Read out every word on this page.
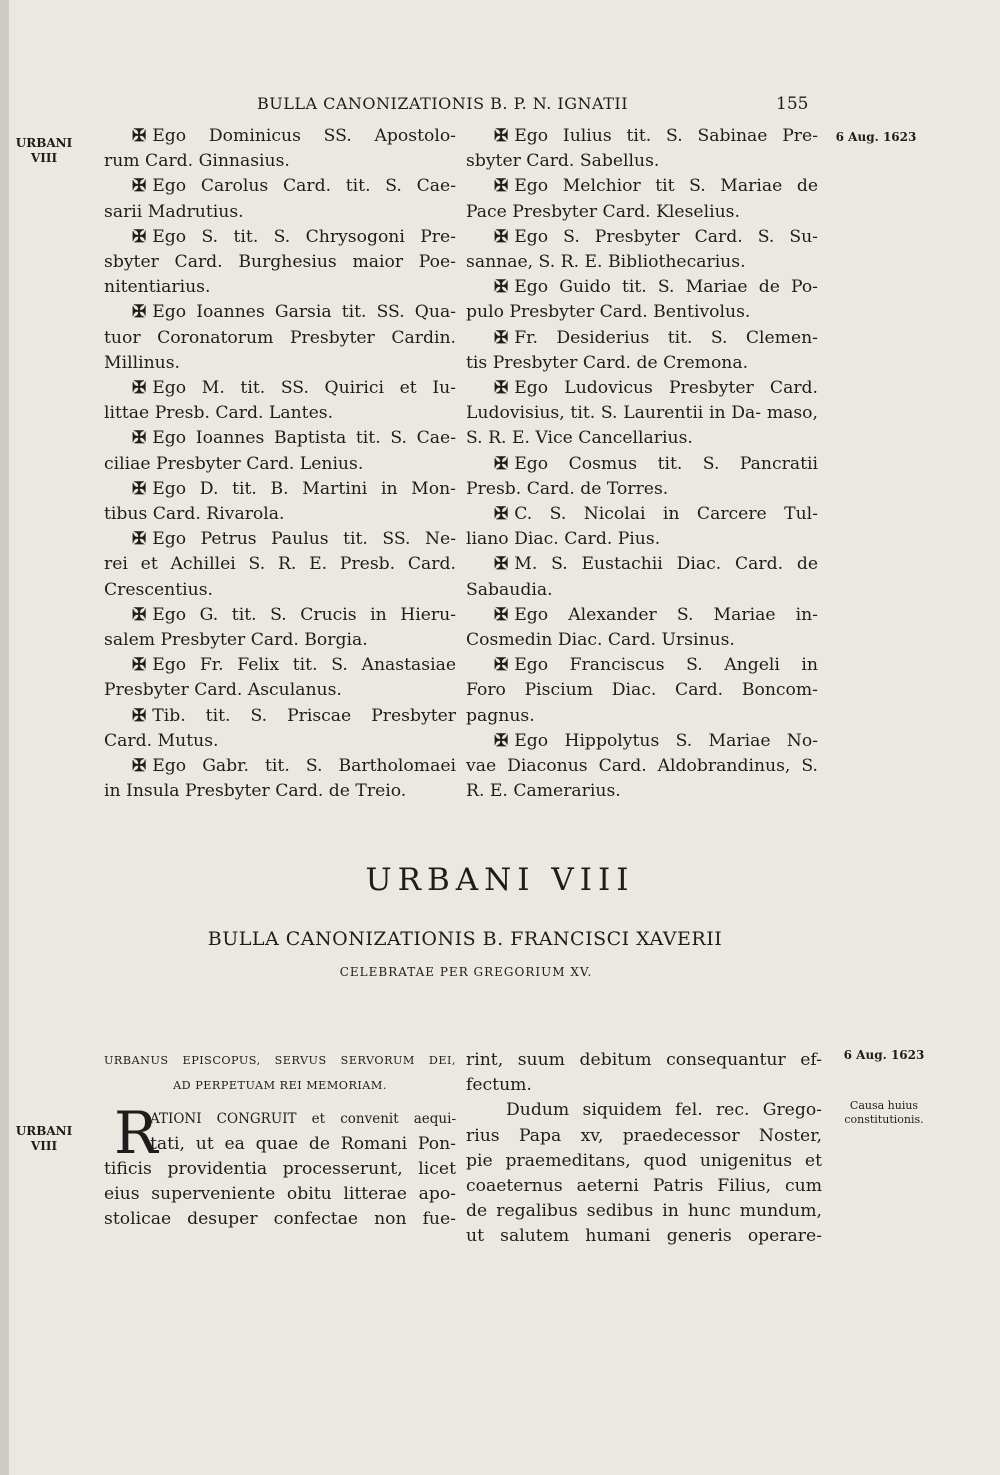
BULLA CANONIZATIONIS B. P. N. IGNATII	155
URBANI
VIII
6 Aug. 1623
✠ Ego Dominicus SS. Apostolo-
rum Card. Ginnasius.
✠ Ego Carolus Card. tit. S. Cae-
sarii Madrutius.
✠ Ego S. tit. S. Chrysogoni Pre-
sbyter Card. Burghesius maior Poe- nitentiarius.
✠ Ego Ioannes Garsia tit. SS. Qua-
tuor Coronatorum Presbyter Cardin. Millinus.
✠ Ego M. tit. SS. Quirici et Iu-
littae Presb. Card. Lantes.
✠ Ego Ioannes Baptista tit. S. Cae-
ciliae Presbyter Card. Lenius.
✠ Ego D. tit. B. Martini in Mon-
tibus Card. Rivarola.
✠ Ego Petrus Paulus tit. SS. Ne-
rei et Achillei S. R. E. Presb. Card. Crescentius.
✠ Ego G. tit. S. Crucis in Hieru-
salem Presbyter Card. Borgia.
✠ Ego Fr. Felix tit. S. Anastasiae
Presbyter Card. Asculanus.
✠ Tib. tit. S. Priscae Presbyter
Card. Mutus.
✠ Ego Gabr. tit. S. Bartholomaei
in Insula Presbyter Card. de Treio.
✠ Ego Iulius tit. S. Sabinae Pre-
sbyter Card. Sabellus.
✠ Ego Melchior tit S. Mariae de
Pace Presbyter Card. Kleselius.
✠ Ego S. Presbyter Card. S. Su-
sannae, S. R. E. Bibliothecarius.
✠ Ego Guido tit. S. Mariae de Po-
pulo Presbyter Card. Bentivolus.
✠ Fr. Desiderius tit. S. Clemen-
tis Presbyter Card. de Cremona.
✠ Ego Ludovicus Presbyter Card.
Ludovisius, tit. S. Laurentii in Da- maso, S. R. E. Vice Cancellarius.
✠ Ego Cosmus tit. S. Pancratii
Presb. Card. de Torres.
✠ C. S. Nicolai in Carcere Tul-
liano Diac. Card. Pius.
✠ M. S. Eustachii Diac. Card. de
Sabaudia.
✠ Ego Alexander S. Mariae in-
Cosmedin Diac. Card. Ursinus.
✠ Ego Franciscus S. Angeli in
Foro Piscium Diac. Card. Boncom- pagnus.
✠ Ego Hippolytus S. Mariae No-
vae Diaconus Card. Aldobrandinus, S. R. E. Camerarius.
URBANI VIII
BULLA CANONIZATIONIS B. FRANCISCI XAVERII
CELEBRATAE PER GREGORIUM XV.
URBANI
VIII
6 Aug. 1623
Causa huius
constitutionis.
URBANUS EPISCOPUS, SERVUS SERVORUM DEI,
AD PERPETUAM REI MEMORIAM.
R
ATIONI CONGRUIT et convenit aequi-
tati, ut ea quae de Romani Pon-
tificis providentia processerunt, licet
eius superveniente obitu litterae apo-
stolicae desuper confectae non fue-
rint, suum debitum consequantur ef-
fectum.
Dudum siquidem fel. rec. Grego-
rius Papa xv, praedecessor Noster,
pie praemeditans, quod unigenitus et
coaeternus aeterni Patris Filius, cum
de regalibus sedibus in hunc mundum,
ut salutem humani generis operare-
